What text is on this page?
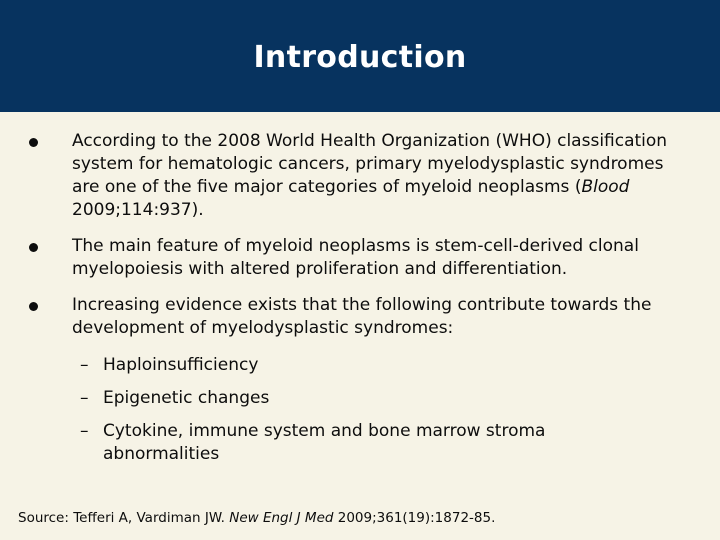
Introduction
According to the 2008 World Health Organization (WHO) classification system for hematologic cancers, primary myelodysplastic syndromes are one of the five major categories of myeloid neoplasms (Blood 2009;114:937).
The main feature of myeloid neoplasms is stem-cell-derived clonal myelopoiesis with altered proliferation and differentiation.
Increasing evidence exists that the following contribute towards the development of myelodysplastic syndromes:
– Haploinsufficiency
– Epigenetic changes
– Cytokine, immune system and bone marrow stroma abnormalities
Source: Tefferi A, Vardiman JW. New Engl J Med 2009;361(19):1872-85.
